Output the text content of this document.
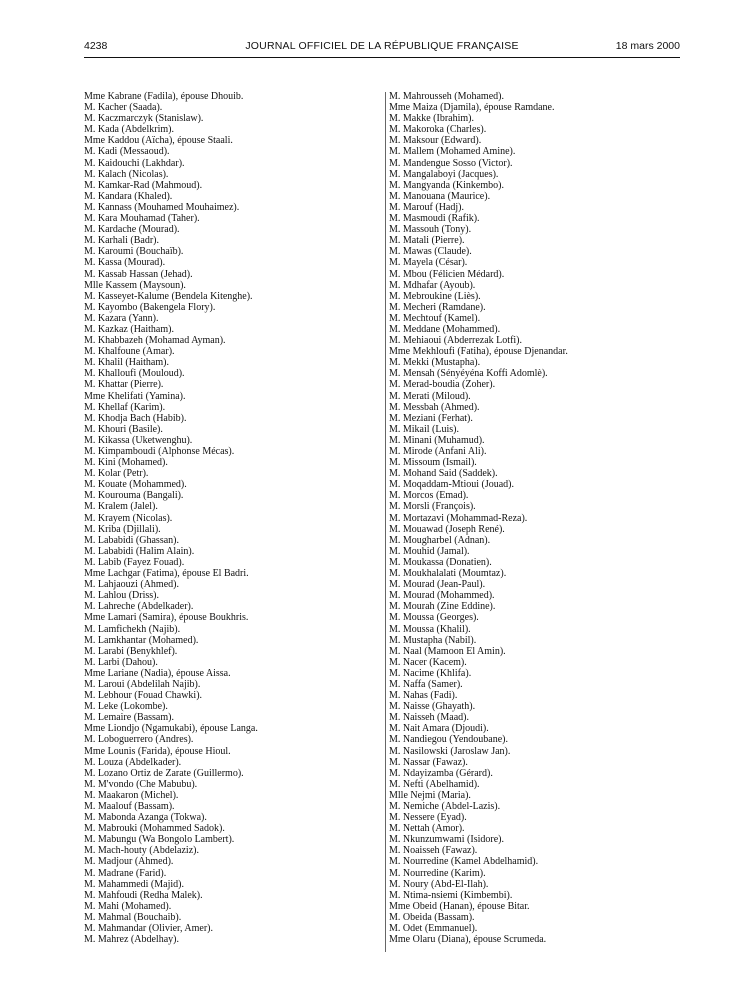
4238	JOURNAL OFFICIEL DE LA RÉPUBLIQUE FRANÇAISE	18 mars 2000
Mme Kabrane (Fadila), épouse Dhouib.
M. Kacher (Saada).
M. Kaczmarczyk (Stanislaw).
M. Kada (Abdelkrim).
Mme Kaddou (Aïcha), épouse Staali.
M. Kadi (Messaoud).
M. Kaidouchi (Lakhdar).
M. Kalach (Nicolas).
M. Kamkar-Rad (Mahmoud).
M. Kandara (Khaled).
M. Kannass (Mouhamed Mouhaimez).
M. Kara Mouhamad (Taher).
M. Kardache (Mourad).
M. Karhali (Badr).
M. Karoumi (Bouchaïb).
M. Kassa (Mourad).
M. Kassab Hassan (Jehad).
Mlle Kassem (Maysoun).
M. Kasseyet-Kalume (Bendela Kitenghe).
M. Kayombo (Bakengela Flory).
M. Kazara (Yann).
M. Kazkaz (Haitham).
M. Khabbazeh (Mohamad Ayman).
M. Khalfoune (Amar).
M. Khalil (Haitham).
M. Khalloufi (Mouloud).
M. Khattar (Pierre).
Mme Khelifati (Yamina).
M. Khellaf (Karim).
M. Khodja Bach (Habib).
M. Khouri (Basile).
M. Kikassa (Uketwenghu).
M. Kimpamboudi (Alphonse Mécas).
M. Kini (Mohamed).
M. Kolar (Petr).
M. Kouate (Mohammed).
M. Kourouma (Bangali).
M. Kralem (Jalel).
M. Krayem (Nicolas).
M. Kriba (Djillali).
M. Lababidi (Ghassan).
M. Lababidi (Halim Alain).
M. Labib (Fayez Fouad).
Mme Lachgar (Fatima), épouse El Badri.
M. Lahjaouzi (Ahmed).
M. Lahlou (Driss).
M. Lahreche (Abdelkader).
Mme Lamari (Samira), épouse Boukhris.
M. Lamfichekh (Najib).
M. Lamkhantar (Mohamed).
M. Larabi (Benykhlef).
M. Larbi (Dahou).
Mme Lariane (Nadia), épouse Aissa.
M. Laroui (Abdelilah Najib).
M. Lebhour (Fouad Chawki).
M. Leke (Lokombe).
M. Lemaire (Bassam).
Mme Liondjo (Ngamukabi), épouse Langa.
M. Loboguerrero (Andres).
Mme Lounis (Farida), épouse Hioul.
M. Louza (Abdelkader).
M. Lozano Ortiz de Zarate (Guillermo).
M. M'vondo (Che Mabubu).
M. Maakaron (Michel).
M. Maalouf (Bassam).
M. Mabonda Azanga (Tokwa).
M. Mabrouki (Mohammed Sadok).
M. Mabungu (Wa Bongolo Lambert).
M. Mach-houty (Abdelaziz).
M. Madjour (Ahmed).
M. Madrane (Farid).
M. Mahammedi (Majid).
M. Mahfoudi (Redha Malek).
M. Mahi (Mohamed).
M. Mahmal (Bouchaib).
M. Mahmandar (Olivier, Amer).
M. Mahrez (Abdelhay).
M. Mahrousseh (Mohamed).
Mme Maiza (Djamila), épouse Ramdane.
M. Makke (Ibrahim).
M. Makoroka (Charles).
M. Maksour (Edward).
M. Mallem (Mohamed Amine).
M. Mandengue Sosso (Victor).
M. Mangalaboyi (Jacques).
M. Mangyanda (Kinkembo).
M. Manouana (Maurice).
M. Marouf (Hadj).
M. Masmoudi (Rafik).
M. Massouh (Tony).
M. Matali (Pierre).
M. Mawas (Claude).
M. Mayela (César).
M. Mbou (Félicien Médard).
M. Mdhafar (Ayoub).
M. Mebroukine (Liès).
M. Mecheri (Ramdane).
M. Mechtouf (Kamel).
M. Meddane (Mohammed).
M. Mehiaoui (Abderrezak Lotfi).
Mme Mekhloufi (Fatiha), épouse Djenandar.
M. Mekki (Mustapha).
M. Mensah (Sényéyéna Koffi Adomlè).
M. Merad-boudia (Zoher).
M. Merati (Miloud).
M. Messbah (Ahmed).
M. Meziani (Ferhat).
M. Mikail (Luis).
M. Minani (Muhamud).
M. Mirode (Anfani Ali).
M. Missoum (Ismail).
M. Mohand Said (Saddek).
M. Moqaddam-Mtioui (Jouad).
M. Morcos (Emad).
M. Morsli (François).
M. Mortazavi (Mohammad-Reza).
M. Mouawad (Joseph René).
M. Mougharbel (Adnan).
M. Mouhid (Jamal).
M. Moukassa (Donatien).
M. Moukhalalati (Moumtaz).
M. Mourad (Jean-Paul).
M. Mourad (Mohammed).
M. Mourah (Zine Eddine).
M. Moussa (Georges).
M. Moussa (Khalil).
M. Mustapha (Nabil).
M. Naal (Mamoon El Amin).
M. Nacer (Kacem).
M. Nacime (Khlifa).
M. Naffa (Samer).
M. Nahas (Fadi).
M. Naisse (Ghayath).
M. Naisseh (Maad).
M. Nait Amara (Djoudi).
M. Nandiegou (Yendoubane).
M. Nasilowski (Jaroslaw Jan).
M. Nassar (Fawaz).
M. Ndayizamba (Gérard).
M. Nefti (Abelhamid).
Mlle Nejmi (Maria).
M. Nemiche (Abdel-Lazis).
M. Nessere (Eyad).
M. Nettah (Amor).
M. Nkunzumwami (Isidore).
M. Noaisseh (Fawaz).
M. Nourredine (Kamel Abdelhamid).
M. Nourredine (Karim).
M. Noury (Abd-El-Ilah).
M. Ntima-nsiemi (Kimbembi).
Mme Obeid (Hanan), épouse Bitar.
M. Obeida (Bassam).
M. Odet (Emmanuel).
Mme Olaru (Diana), épouse Scrumeda.
